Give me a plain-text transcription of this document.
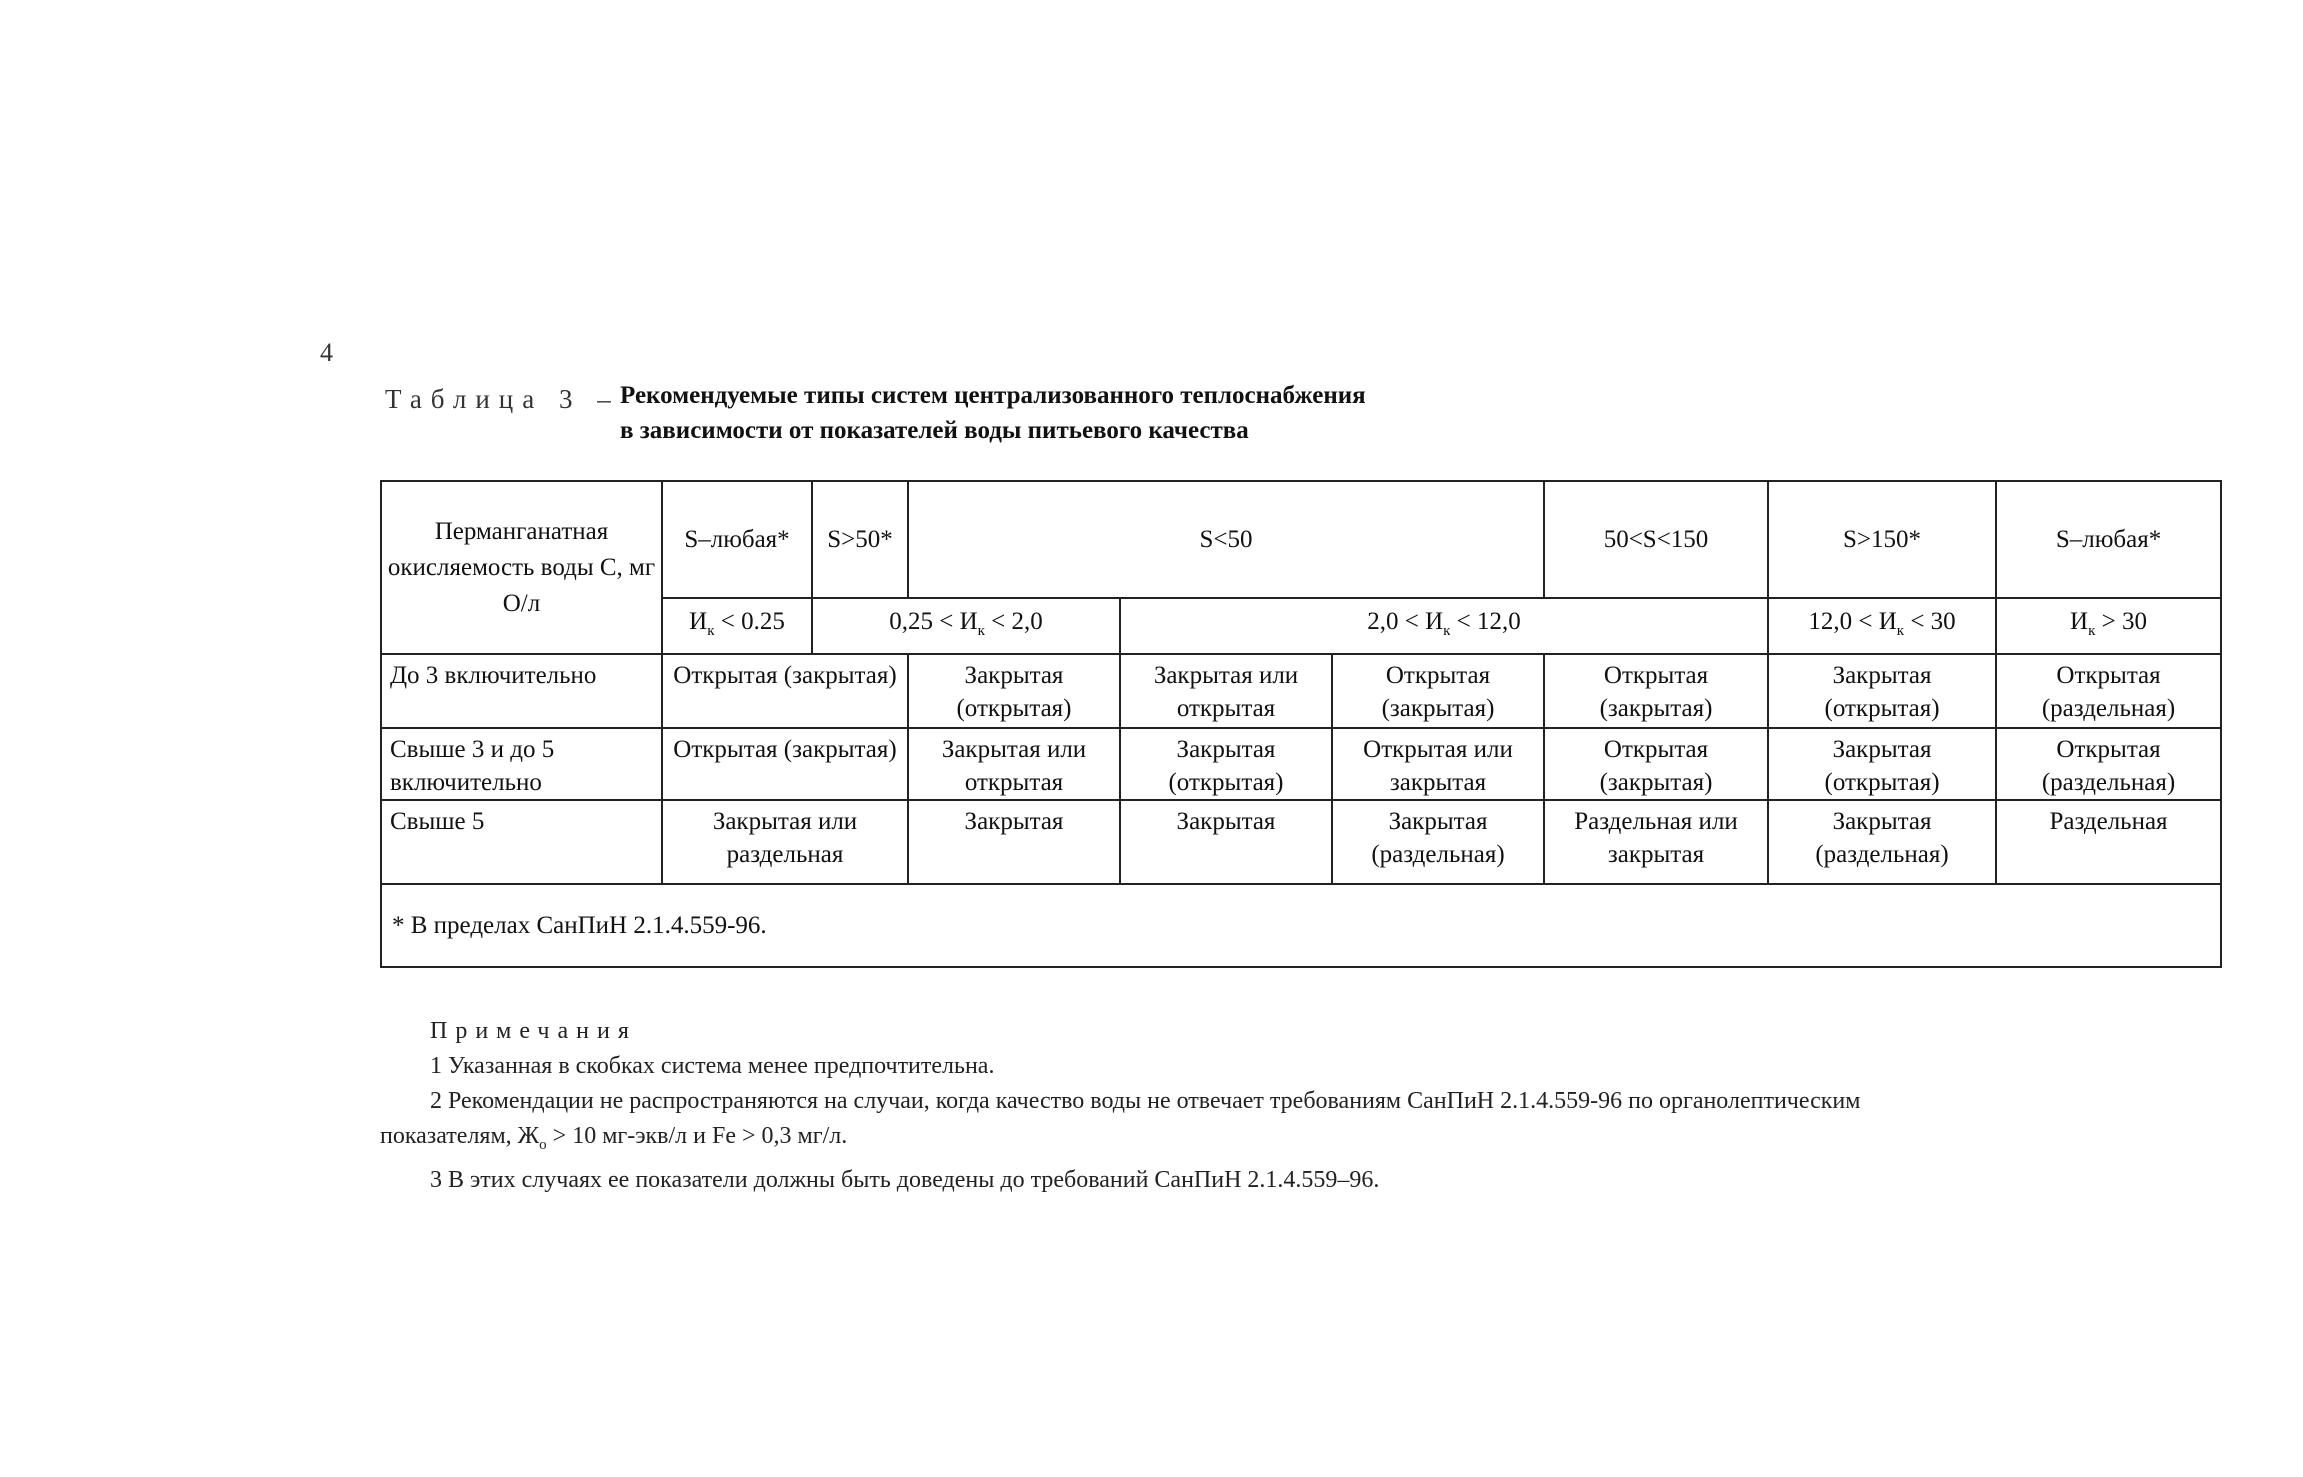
4
Таблица 3 – Рекомендуемые типы систем централизованного теплоснабжения
в зависимости от показателей воды питьевого качества
Перманганатная окисляемость воды С, мг О/л	S–любая*	S>50*	S<50			50<S<150	S>150*	S–любая*
	$И_к < 0.25$	$0,25 < И_к < 2,0$		$2,0 < И_к < 12,0$			$12,0 < И_к < 30$	$И_к > 30$
До 3 включительно	Открытая (закрытая)		Закрытая (открытая)	Закрытая или открытая	Открытая (закрытая)	Открытая (закрытая)	Закрытая (открытая)	Открытая (раздельная)
Свыше 3 и до 5 включительно	Открытая (закрытая)		Закрытая или открытая	Закрытая (открытая)	Открытая или закрытая	Открытая (закрытая)	Закрытая (открытая)	Открытая (раздельная)
Свыше 5	Закрытая или раздельная		Закрытая	Закрытая	Закрытая (раздельная)	Раздельная или закрытая	Закрытая (раздельная)	Раздельная
* В пределах СанПиН 2.1.4.559-96.								
Примечания
1 Указанная в скобках система менее предпочтительна.
2 Рекомендации не распространяются на случаи, когда качество воды не отвечает требованиям СанПиН 2.1.4.559-96 по органолептическим
показателям, $Ж_о > 10$ мг-экв/л и Fe > 0,3 мг/л.
3 В этих случаях ее показатели должны быть доведены до требований СанПиН 2.1.4.559–96.
